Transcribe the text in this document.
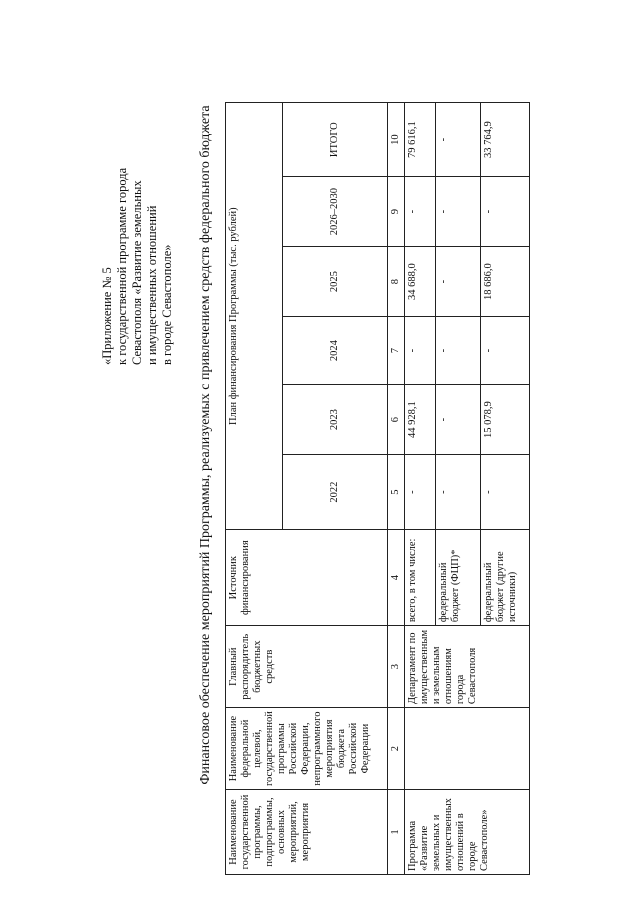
«Приложение № 5 к государственной программе города Севастополя «Развитие земельных и имущественных отношений в городе Севастополе» Финансовое обеспечение мероприятий Программы, реализуемых с привлечением средств федерального бюджета
Наименование государственной программы, подпрограммы, основных мероприятий, мероприятия	Наименование федеральной целевой, государственной программы Российской Федерации, непрограммного мероприятия бюджета Российской Федерации	Главный распорядитель бюджетных средств	Источник финансирования	План финансирования Программы (тыс. рублей)					
				2022	2023	2024	2025	2026–2030	ИТОГО
1	2	3	4	5	6	7	8	9	10
Программа «Развитие земельных и имущественных отношений в городе Севастополе»		Департамент по имущественным и земельным отношениям города Севастополя	всего, в том числе:	-	44 928,1	-	34 688,0	-	79 616,1
			федеральный бюджет (ФЦП)*	-	-	-	-	-	-
			федеральный бюджет (другие источники)	-	15 078,9	-	18 686,0	-	33 764,9
